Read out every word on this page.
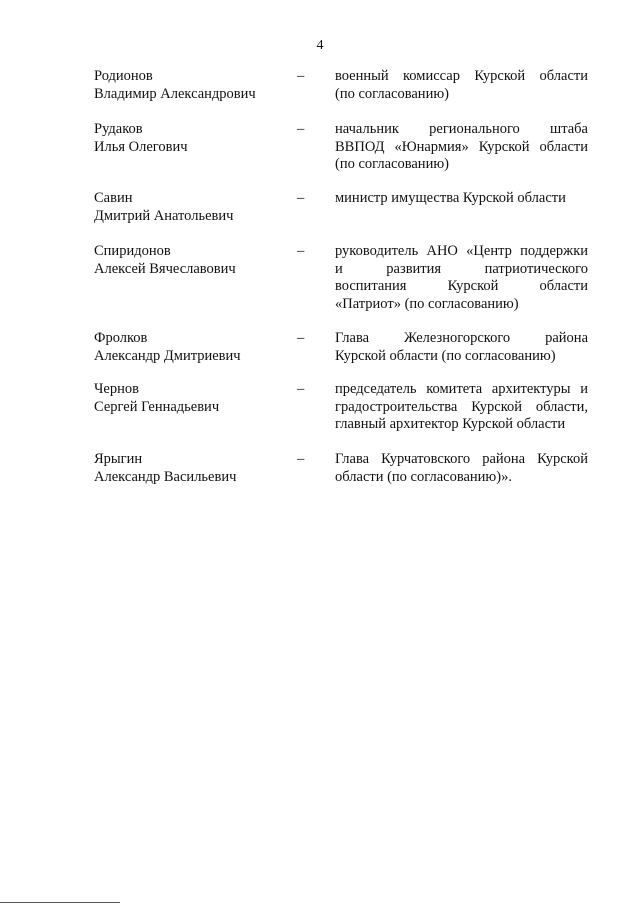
4
Родионов
Владимир Александрович
– военный комиссар Курской области
(по согласованию)
Рудаков
Илья Олегович
– начальник регионального штаба
ВВПОД «Юнармия» Курской области
(по согласованию)
Савин
Дмитрий Анатольевич
– министр имущества Курской области
Спиридонов
Алексей Вячеславович
– руководитель АНО «Центр поддержки
и развития патриотического
воспитания Курской области
«Патриот» (по согласованию)
Фролков
Александр Дмитриевич
– Глава Железногорского района
Курской области (по согласованию)
Чернов
Сергей Геннадьевич
– председатель комитета архитектуры и
градостроительства Курской области,
главный архитектор Курской области
Ярыгин
Александр Васильевич
– Глава Курчатовского района Курской
области (по согласованию)».
